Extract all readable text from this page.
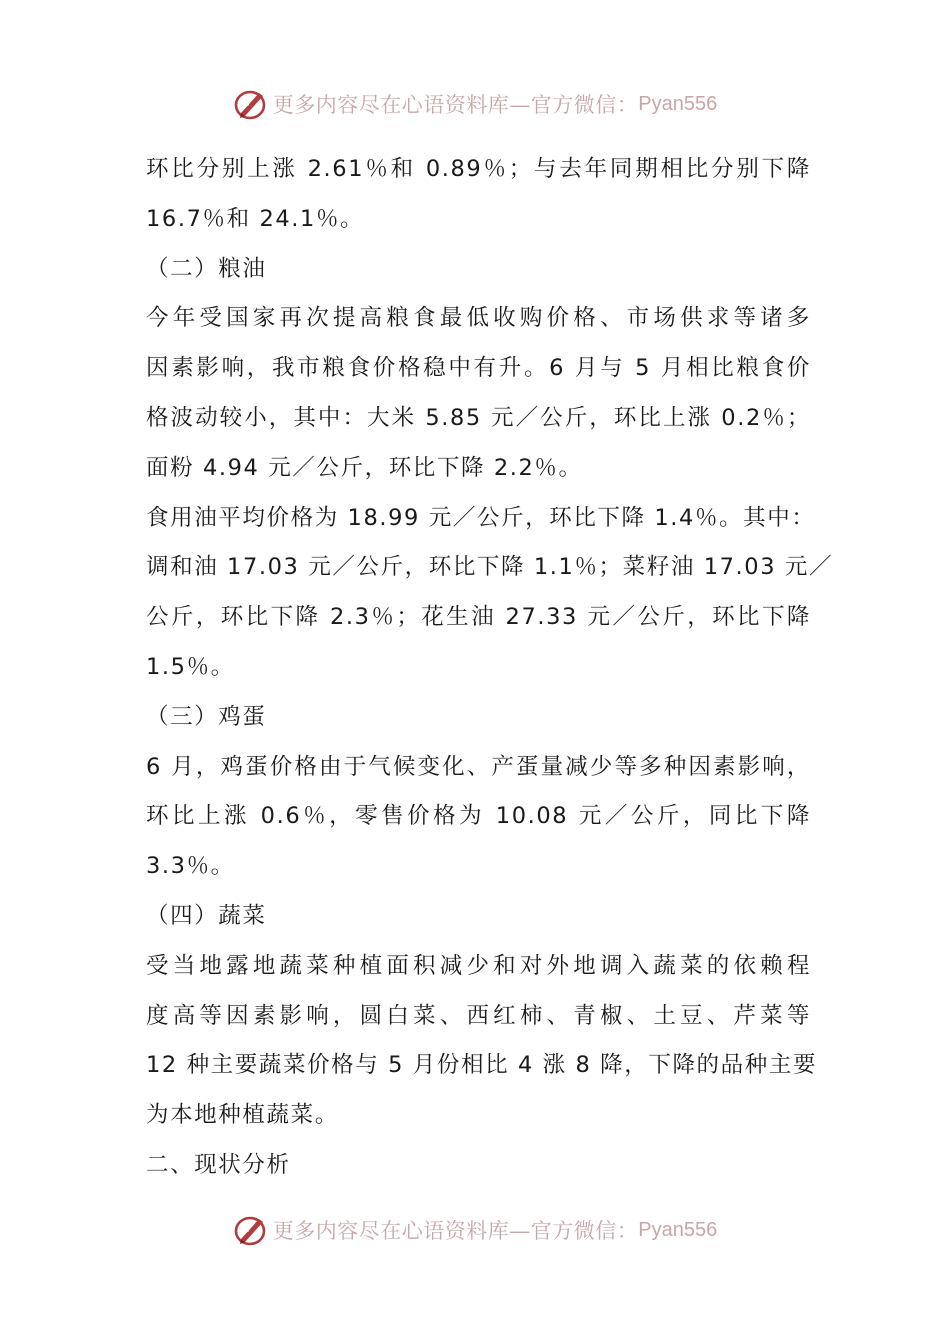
更多内容尽在心语资料库—官方微信： Pyan556
环比分别上涨 2.61％和 0.89％；与去年同期相比分别下降
16.7％和 24.1％。
（二）粮油
今年受国家再次提高粮食最低收购价格、市场供求等诸多
因素影响，我市粮食价格稳中有升。6 月与 5 月相比粮食价
格波动较小，其中：大米 5.85 元／公斤，环比上涨 0.2％；
面粉 4.94 元／公斤，环比下降 2.2％。
食用油平均价格为 18.99 元／公斤，环比下降 1.4％。其中：
调和油 17.03 元／公斤，环比下降 1.1％；菜籽油 17.03 元／
公斤，环比下降 2.3％；花生油 27.33 元／公斤，环比下降
1.5％。
（三）鸡蛋
6 月，鸡蛋价格由于气候变化、产蛋量减少等多种因素影响，
环比上涨 0.6％，零售价格为 10.08 元／公斤，同比下降
3.3％。
（四）蔬菜
受当地露地蔬菜种植面积减少和对外地调入蔬菜的依赖程
度高等因素影响，圆白菜、西红柿、青椒、土豆、芹菜等
12 种主要蔬菜价格与 5 月份相比 4 涨 8 降，下降的品种主要
为本地种植蔬菜。
二、现状分析
更多内容尽在心语资料库—官方微信： Pyan556
